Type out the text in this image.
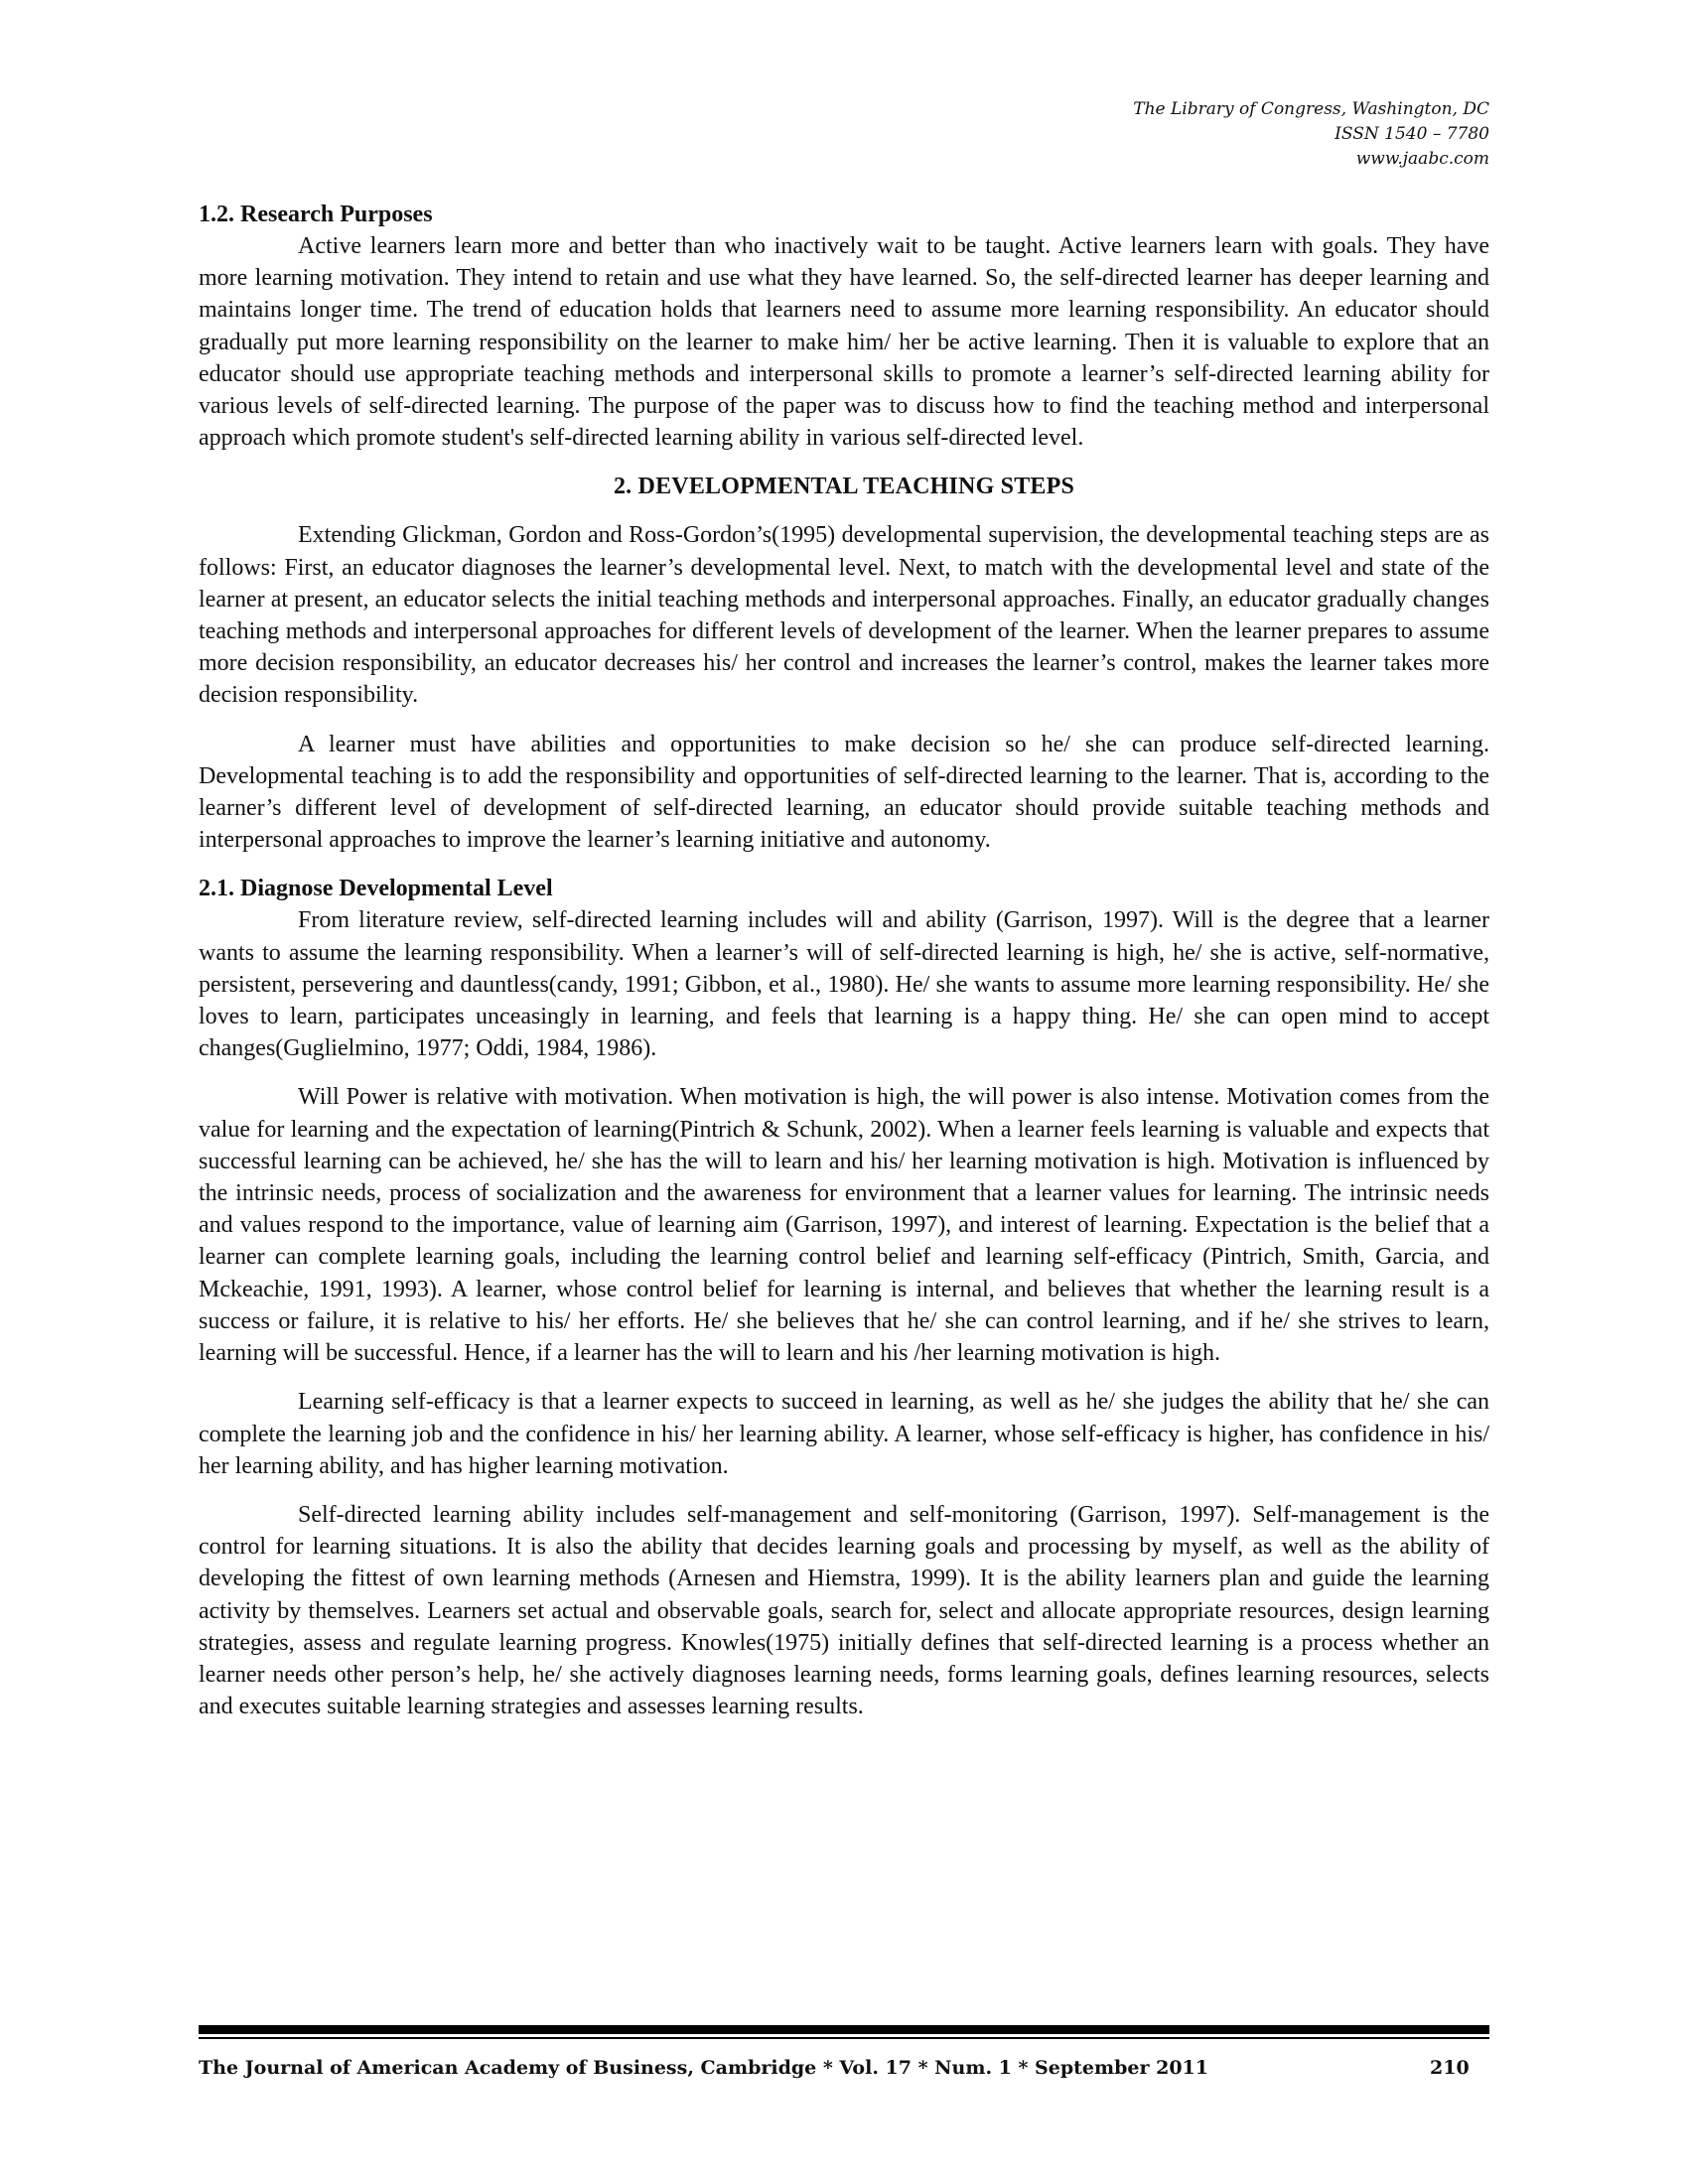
The Library of Congress, Washington, DC
ISSN 1540 – 7780
www.jaabc.com
1.2. Research Purposes

Active learners learn more and better than who inactively wait to be taught. Active learners learn with goals. They have more learning motivation. They intend to retain and use what they have learned. So, the self-directed learner has deeper learning and maintains longer time. The trend of education holds that learners need to assume more learning responsibility. An educator should gradually put more learning responsibility on the learner to make him/ her be active learning. Then it is valuable to explore that an educator should use appropriate teaching methods and interpersonal skills to promote a learner’s self-directed learning ability for various levels of self-directed learning. The purpose of the paper was to discuss how to find the teaching method and interpersonal approach which promote student's self-directed learning ability in various self-directed level.

2. DEVELOPMENTAL TEACHING STEPS

Extending Glickman, Gordon and Ross-Gordon’s(1995) developmental supervision, the developmental teaching steps are as follows: First, an educator diagnoses the learner’s developmental level. Next, to match with the developmental level and state of the learner at present, an educator selects the initial teaching methods and interpersonal approaches. Finally, an educator gradually changes teaching methods and interpersonal approaches for different levels of development of the learner. When the learner prepares to assume more decision responsibility, an educator decreases his/ her control and increases the learner’s control, makes the learner takes more decision responsibility.

A learner must have abilities and opportunities to make decision so he/ she can produce self-directed learning. Developmental teaching is to add the responsibility and opportunities of self-directed learning to the learner. That is, according to the learner’s different level of development of self-directed learning, an educator should provide suitable teaching methods and interpersonal approaches to improve the learner’s learning initiative and autonomy.

2.1. Diagnose Developmental Level

From literature review, self-directed learning includes will and ability (Garrison, 1997). Will is the degree that a learner wants to assume the learning responsibility. When a learner’s will of self-directed learning is high, he/ she is active, self-normative, persistent, persevering and dauntless(candy, 1991; Gibbon, et al., 1980). He/ she wants to assume more learning responsibility. He/ she loves to learn, participates unceasingly in learning, and feels that learning is a happy thing. He/ she can open mind to accept changes(Guglielmino, 1977; Oddi, 1984, 1986).

Will Power is relative with motivation. When motivation is high, the will power is also intense. Motivation comes from the value for learning and the expectation of learning(Pintrich & Schunk, 2002). When a learner feels learning is valuable and expects that successful learning can be achieved, he/ she has the will to learn and his/ her learning motivation is high. Motivation is influenced by the intrinsic needs, process of socialization and the awareness for environment that a learner values for learning. The intrinsic needs and values respond to the importance, value of learning aim (Garrison, 1997), and interest of learning. Expectation is the belief that a learner can complete learning goals, including the learning control belief and learning self-efficacy (Pintrich, Smith, Garcia, and Mckeachie, 1991, 1993). A learner, whose control belief for learning is internal, and believes that whether the learning result is a success or failure, it is relative to his/ her efforts. He/ she believes that he/ she can control learning, and if he/ she strives to learn, learning will be successful. Hence, if a learner has the will to learn and his /her learning motivation is high.

Learning self-efficacy is that a learner expects to succeed in learning, as well as he/ she judges the ability that he/ she can complete the learning job and the confidence in his/ her learning ability. A learner, whose self-efficacy is higher, has confidence in his/ her learning ability, and has higher learning motivation.

Self-directed learning ability includes self-management and self-monitoring (Garrison, 1997). Self-management is the control for learning situations. It is also the ability that decides learning goals and processing by myself, as well as the ability of developing the fittest of own learning methods (Arnesen and Hiemstra, 1999). It is the ability learners plan and guide the learning activity by themselves. Learners set actual and observable goals, search for, select and allocate appropriate resources, design learning strategies, assess and regulate learning progress. Knowles(1975) initially defines that self-directed learning is a process whether an learner needs other person’s help, he/ she actively diagnoses learning needs, forms learning goals, defines learning resources, selects and executes suitable learning strategies and assesses learning results.

The Journal of American Academy of Business, Cambridge * Vol. 17 * Num. 1 * September 2011	210
